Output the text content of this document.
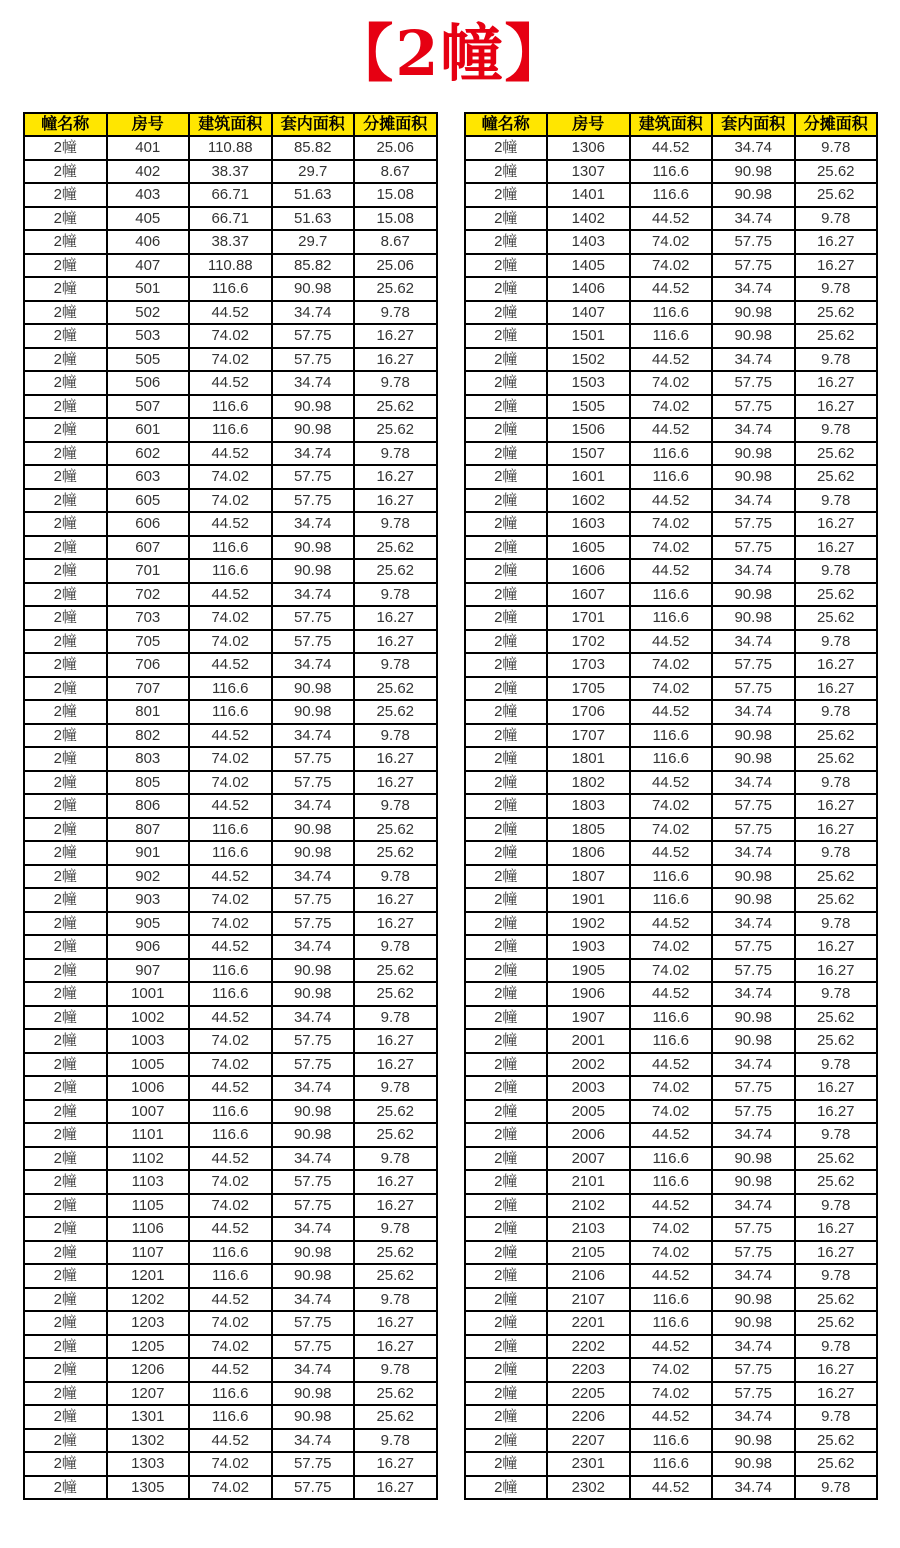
【2幢】
幢名称	房号	建筑面积	套内面积	分摊面积
2幢	401	110.88	85.82	25.06
2幢	402	38.37	29.7	8.67
2幢	403	66.71	51.63	15.08
2幢	405	66.71	51.63	15.08
2幢	406	38.37	29.7	8.67
2幢	407	110.88	85.82	25.06
2幢	501	116.6	90.98	25.62
2幢	502	44.52	34.74	9.78
2幢	503	74.02	57.75	16.27
2幢	505	74.02	57.75	16.27
2幢	506	44.52	34.74	9.78
2幢	507	116.6	90.98	25.62
2幢	601	116.6	90.98	25.62
2幢	602	44.52	34.74	9.78
2幢	603	74.02	57.75	16.27
2幢	605	74.02	57.75	16.27
2幢	606	44.52	34.74	9.78
2幢	607	116.6	90.98	25.62
2幢	701	116.6	90.98	25.62
2幢	702	44.52	34.74	9.78
2幢	703	74.02	57.75	16.27
2幢	705	74.02	57.75	16.27
2幢	706	44.52	34.74	9.78
2幢	707	116.6	90.98	25.62
2幢	801	116.6	90.98	25.62
2幢	802	44.52	34.74	9.78
2幢	803	74.02	57.75	16.27
2幢	805	74.02	57.75	16.27
2幢	806	44.52	34.74	9.78
2幢	807	116.6	90.98	25.62
2幢	901	116.6	90.98	25.62
2幢	902	44.52	34.74	9.78
2幢	903	74.02	57.75	16.27
2幢	905	74.02	57.75	16.27
2幢	906	44.52	34.74	9.78
2幢	907	116.6	90.98	25.62
2幢	1001	116.6	90.98	25.62
2幢	1002	44.52	34.74	9.78
2幢	1003	74.02	57.75	16.27
2幢	1005	74.02	57.75	16.27
2幢	1006	44.52	34.74	9.78
2幢	1007	116.6	90.98	25.62
2幢	1101	116.6	90.98	25.62
2幢	1102	44.52	34.74	9.78
2幢	1103	74.02	57.75	16.27
2幢	1105	74.02	57.75	16.27
2幢	1106	44.52	34.74	9.78
2幢	1107	116.6	90.98	25.62
2幢	1201	116.6	90.98	25.62
2幢	1202	44.52	34.74	9.78
2幢	1203	74.02	57.75	16.27
2幢	1205	74.02	57.75	16.27
2幢	1206	44.52	34.74	9.78
2幢	1207	116.6	90.98	25.62
2幢	1301	116.6	90.98	25.62
2幢	1302	44.52	34.74	9.78
2幢	1303	74.02	57.75	16.27
2幢	1305	74.02	57.75	16.27
幢名称	房号	建筑面积	套内面积	分摊面积
2幢	1306	44.52	34.74	9.78
2幢	1307	116.6	90.98	25.62
2幢	1401	116.6	90.98	25.62
2幢	1402	44.52	34.74	9.78
2幢	1403	74.02	57.75	16.27
2幢	1405	74.02	57.75	16.27
2幢	1406	44.52	34.74	9.78
2幢	1407	116.6	90.98	25.62
2幢	1501	116.6	90.98	25.62
2幢	1502	44.52	34.74	9.78
2幢	1503	74.02	57.75	16.27
2幢	1505	74.02	57.75	16.27
2幢	1506	44.52	34.74	9.78
2幢	1507	116.6	90.98	25.62
2幢	1601	116.6	90.98	25.62
2幢	1602	44.52	34.74	9.78
2幢	1603	74.02	57.75	16.27
2幢	1605	74.02	57.75	16.27
2幢	1606	44.52	34.74	9.78
2幢	1607	116.6	90.98	25.62
2幢	1701	116.6	90.98	25.62
2幢	1702	44.52	34.74	9.78
2幢	1703	74.02	57.75	16.27
2幢	1705	74.02	57.75	16.27
2幢	1706	44.52	34.74	9.78
2幢	1707	116.6	90.98	25.62
2幢	1801	116.6	90.98	25.62
2幢	1802	44.52	34.74	9.78
2幢	1803	74.02	57.75	16.27
2幢	1805	74.02	57.75	16.27
2幢	1806	44.52	34.74	9.78
2幢	1807	116.6	90.98	25.62
2幢	1901	116.6	90.98	25.62
2幢	1902	44.52	34.74	9.78
2幢	1903	74.02	57.75	16.27
2幢	1905	74.02	57.75	16.27
2幢	1906	44.52	34.74	9.78
2幢	1907	116.6	90.98	25.62
2幢	2001	116.6	90.98	25.62
2幢	2002	44.52	34.74	9.78
2幢	2003	74.02	57.75	16.27
2幢	2005	74.02	57.75	16.27
2幢	2006	44.52	34.74	9.78
2幢	2007	116.6	90.98	25.62
2幢	2101	116.6	90.98	25.62
2幢	2102	44.52	34.74	9.78
2幢	2103	74.02	57.75	16.27
2幢	2105	74.02	57.75	16.27
2幢	2106	44.52	34.74	9.78
2幢	2107	116.6	90.98	25.62
2幢	2201	116.6	90.98	25.62
2幢	2202	44.52	34.74	9.78
2幢	2203	74.02	57.75	16.27
2幢	2205	74.02	57.75	16.27
2幢	2206	44.52	34.74	9.78
2幢	2207	116.6	90.98	25.62
2幢	2301	116.6	90.98	25.62
2幢	2302	44.52	34.74	9.78
